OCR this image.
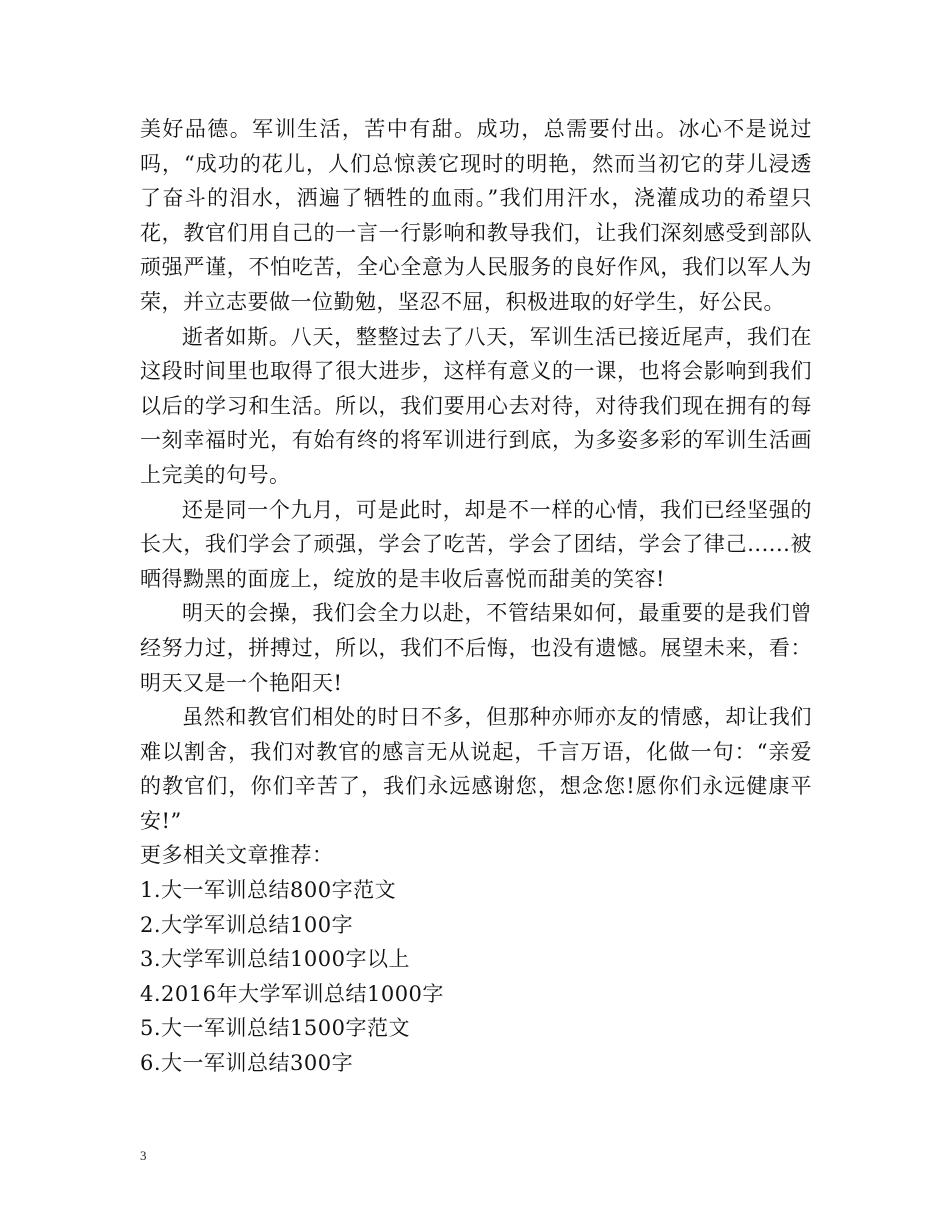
美好品德。军训生活，苦中有甜。成功，总需要付出。冰心不是说过吗，“成功的花儿，人们总惊羡它现时的明艳，然而当初它的芽儿浸透了奋斗的泪水，洒遍了牺牲的血雨。”我们用汗水，浇灌成功的希望只花，教官们用自己的一言一行影响和教导我们，让我们深刻感受到部队顽强严谨，不怕吃苦，全心全意为人民服务的良好作风，我们以军人为荣，并立志要做一位勤勉，坚忍不屈，积极进取的好学生，好公民。

逝者如斯。八天，整整过去了八天，军训生活已接近尾声，我们在这段时间里也取得了很大进步，这样有意义的一课，也将会影响到我们以后的学习和生活。所以，我们要用心去对待，对待我们现在拥有的每一刻幸福时光，有始有终的将军训进行到底，为多姿多彩的军训生活画上完美的句号。

还是同一个九月，可是此时，却是不一样的心情，我们已经坚强的长大，我们学会了顽强，学会了吃苦，学会了团结，学会了律己......被晒得黝黑的面庞上，绽放的是丰收后喜悦而甜美的笑容!

明天的会操，我们会全力以赴，不管结果如何，最重要的是我们曾经努力过，拼搏过，所以，我们不后悔，也没有遗憾。展望未来，看：明天又是一个艳阳天!

虽然和教官们相处的时日不多，但那种亦师亦友的情感，却让我们难以割舍，我们对教官的感言无从说起，千言万语，化做一句：“亲爱的教官们，你们辛苦了，我们永远感谢您，想念您!愿你们永远健康平安!”

更多相关文章推荐：

1.大一军训总结800字范文
2.大学军训总结100字
3.大学军训总结1000字以上
4.2016年大学军训总结1000字
5.大一军训总结1500字范文
6.大一军训总结300字
3
